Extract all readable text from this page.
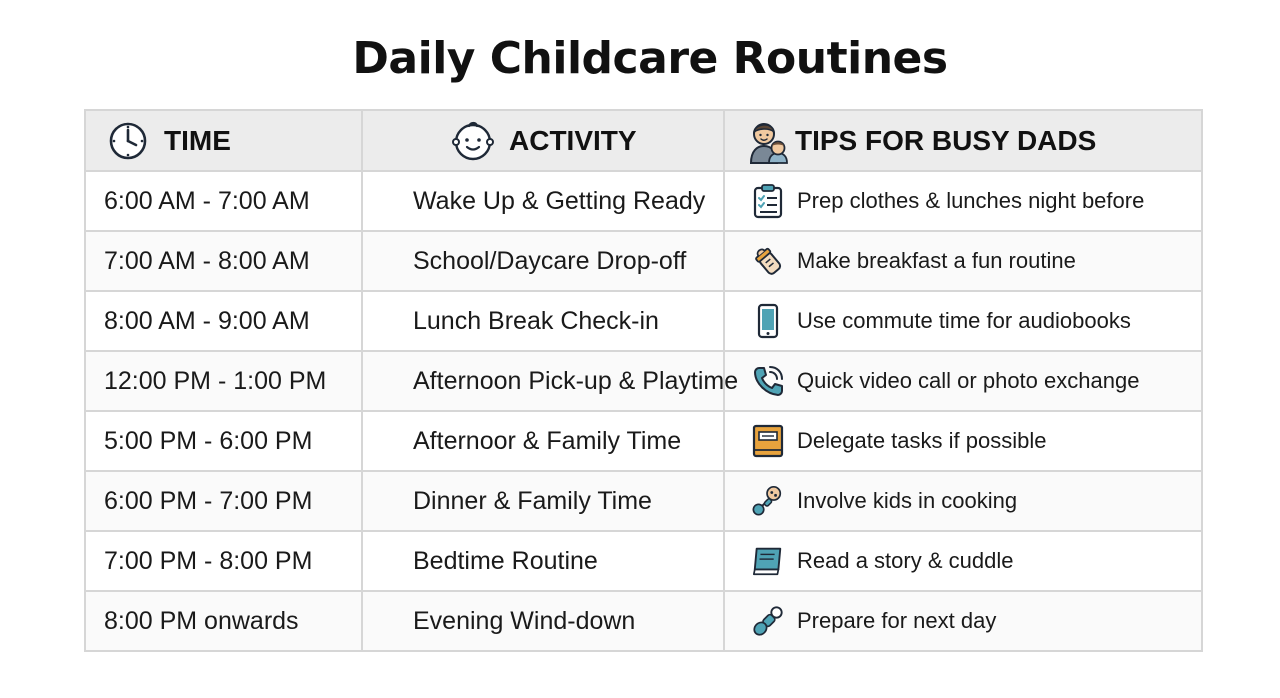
Daily Childcare Routines
TIME	ACTIVITY	TIPS FOR BUSY DADS

6:00 AM - 7:00 AM	Wake Up & Getting Ready	Prep clothes & lunches night before

7:00 AM - 8:00 AM	School/Daycare Drop-off	Make breakfast a fun routine

8:00 AM - 9:00 AM	Lunch Break Check-in	Use commute time for audiobooks

12:00 PM - 1:00 PM	Afternoon Pick-up & Playtime	Quick video call or photo exchange

5:00 PM - 6:00 PM	Afternoor & Family Time	Delegate tasks if possible

6:00 PM - 7:00 PM	Dinner & Family Time	Involve kids in cooking

7:00 PM - 8:00 PM	Bedtime Routine	Read a story & cuddle

8:00 PM onwards	Evening Wind-down	Prepare for next day
